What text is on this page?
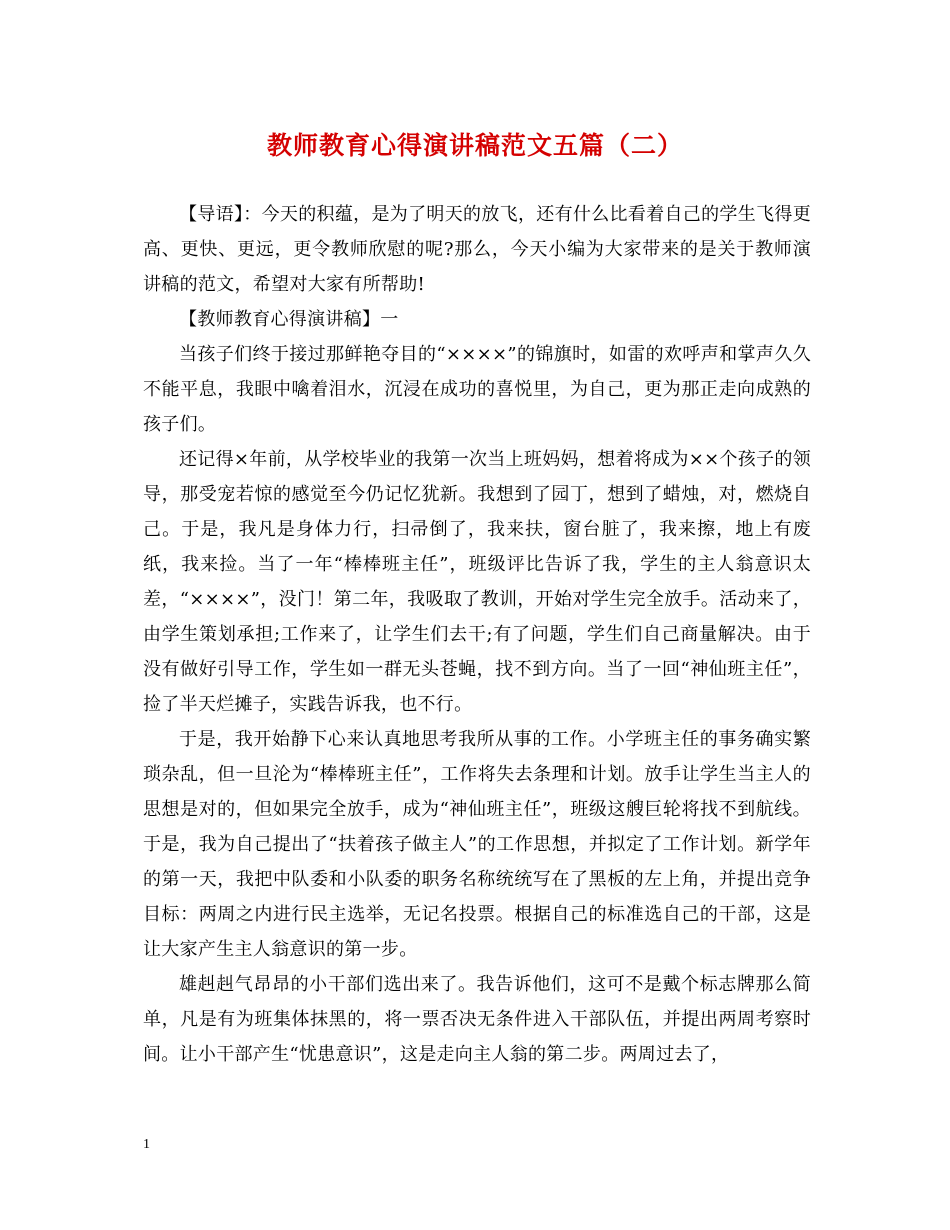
教师教育心得演讲稿范文五篇（二）

【导语】：今天的积蕴，是为了明天的放飞，还有什么比看着自己的学生飞得更高、更快、更远，更令教师欣慰的呢?那么，今天小编为大家带来的是关于教师演讲稿的范文，希望对大家有所帮助!

【教师教育心得演讲稿】一

当孩子们终于接过那鲜艳夺目的“××××”的锦旗时，如雷的欢呼声和掌声久久不能平息，我眼中噙着泪水，沉浸在成功的喜悦里，为自己，更为那正走向成熟的孩子们。

还记得×年前，从学校毕业的我第一次当上班妈妈，想着将成为××个孩子的领导，那受宠若惊的感觉至今仍记忆犹新。我想到了园丁，想到了蜡烛，对，燃烧自己。于是，我凡是身体力行，扫帚倒了，我来扶，窗台脏了，我来擦，地上有废纸，我来捡。当了一年“棒棒班主任”，班级评比告诉了我，学生的主人翁意识太差，“××××”，没门！第二年，我吸取了教训，开始对学生完全放手。活动来了，由学生策划承担;工作来了，让学生们去干;有了问题，学生们自己商量解决。由于没有做好引导工作，学生如一群无头苍蝇，找不到方向。当了一回“神仙班主任”，捡了半天烂摊子，实践告诉我，也不行。

于是，我开始静下心来认真地思考我所从事的工作。小学班主任的事务确实繁琐杂乱，但一旦沦为“棒棒班主任”，工作将失去条理和计划。放手让学生当主人的思想是对的，但如果完全放手，成为“神仙班主任”，班级这艘巨轮将找不到航线。于是，我为自己提出了“扶着孩子做主人”的工作思想，并拟定了工作计划。新学年的第一天，我把中队委和小队委的职务名称统统写在了黑板的左上角，并提出竞争目标：两周之内进行民主选举，无记名投票。根据自己的标准选自己的干部，这是让大家产生主人翁意识的第一步。

雄赳赳气昂昂的小干部们选出来了。我告诉他们，这可不是戴个标志牌那么简单，凡是有为班集体抹黑的，将一票否决无条件进入干部队伍，并提出两周考察时间。让小干部产生“忧患意识”，这是走向主人翁的第二步。两周过去了，

1
